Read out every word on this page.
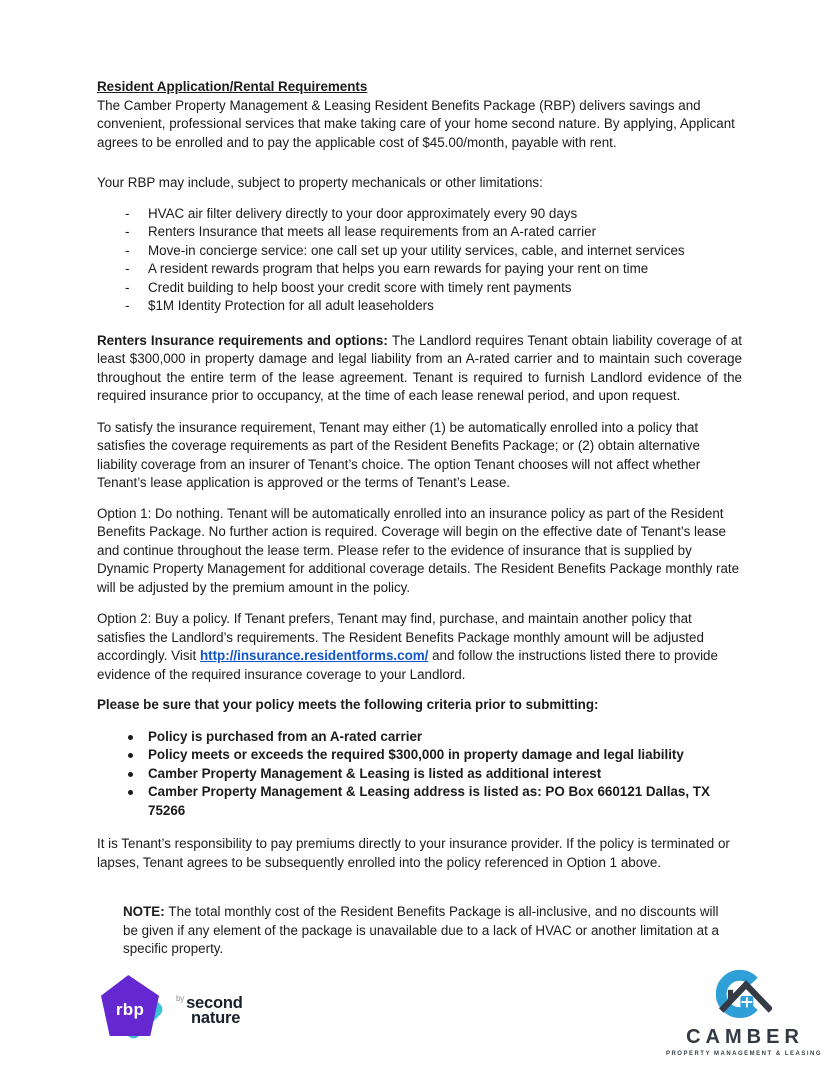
Resident Application/Rental Requirements

The Camber Property Management & Leasing Resident Benefits Package (RBP) delivers savings and convenient, professional services that make taking care of your home second nature. By applying, Applicant agrees to be enrolled and to pay the applicable cost of $45.00/month, payable with rent.

Your RBP may include, subject to property mechanicals or other limitations:

- HVAC air filter delivery directly to your door approximately every 90 days
- Renters Insurance that meets all lease requirements from an A-rated carrier
- Move-in concierge service: one call set up your utility services, cable, and internet services
- A resident rewards program that helps you earn rewards for paying your rent on time
- Credit building to help boost your credit score with timely rent payments
- $1M Identity Protection for all adult leaseholders

Renters Insurance requirements and options: The Landlord requires Tenant obtain liability coverage of at least $300,000 in property damage and legal liability from an A-rated carrier and to maintain such coverage throughout the entire term of the lease agreement. Tenant is required to furnish Landlord evidence of the required insurance prior to occupancy, at the time of each lease renewal period, and upon request.

To satisfy the insurance requirement, Tenant may either (1) be automatically enrolled into a policy that satisfies the coverage requirements as part of the Resident Benefits Package; or (2) obtain alternative liability coverage from an insurer of Tenant’s choice. The option Tenant chooses will not affect whether Tenant’s lease application is approved or the terms of Tenant’s Lease.

Option 1: Do nothing. Tenant will be automatically enrolled into an insurance policy as part of the Resident Benefits Package. No further action is required. Coverage will begin on the effective date of Tenant’s lease and continue throughout the lease term. Please refer to the evidence of insurance that is supplied by Dynamic Property Management for additional coverage details. The Resident Benefits Package monthly rate will be adjusted by the premium amount in the policy.

Option 2: Buy a policy. If Tenant prefers, Tenant may find, purchase, and maintain another policy that satisfies the Landlord’s requirements. The Resident Benefits Package monthly amount will be adjusted accordingly. Visit http://insurance.residentforms.com/ and follow the instructions listed there to provide evidence of the required insurance coverage to your Landlord.

Please be sure that your policy meets the following criteria prior to submitting:

Policy is purchased from an A-rated carrier
Policy meets or exceeds the required $300,000 in property damage and legal liability
Camber Property Management & Leasing is listed as additional interest
Camber Property Management & Leasing address is listed as: PO Box 660121 Dallas, TX 75266

It is Tenant’s responsibility to pay premiums directly to your insurance provider. If the policy is terminated or lapses, Tenant agrees to be subsequently enrolled into the policy referenced in Option 1 above.

NOTE: The total monthly cost of the Resident Benefits Package is all-inclusive, and no discounts will be given if any element of the package is unavailable due to a lack of HVAC or another limitation at a specific property.

rbp
$^{by}$ second
nature
CAMBER
PROPERTY MANAGEMENT & LEASING
